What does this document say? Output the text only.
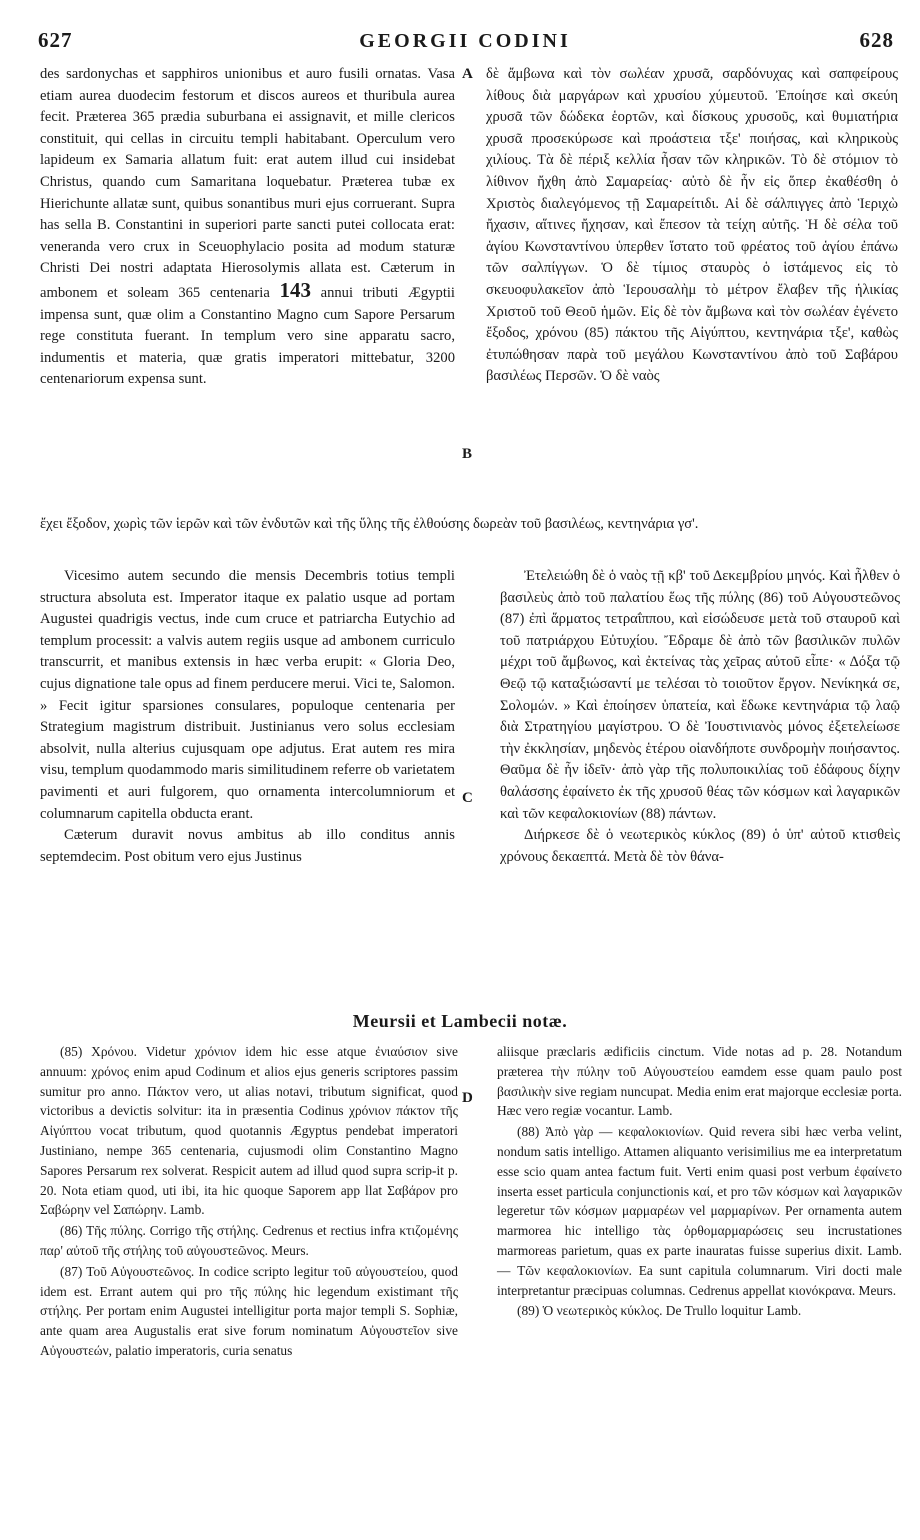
627	GEORGII CODINI	628

des sardonychas et sapphiros unionibus et auro fusili ornatas. Vasa etiam aurea duodecim festorum et discos aureos et thuribula aurea fecit. Præterea 365 prædia suburbana ei assignavit, et mille clericos constituit, qui cellas in circuitu templi habitabant. Operculum vero lapideum ex Samaria allatum fuit: erat autem illud cui insidebat Christus, quando cum Samaritana loquebatur. Præterea tubæ ex Hierichunte allatæ sunt, quibus sonantibus muri ejus corruerant. Supra has sella B. Constantini in superiori parte sancti putei collocata erat: veneranda vero crux in Sceuophylacio posita ad modum staturæ Christi Dei nostri adaptata Hierosolymis allata est. Cæterum in ambonem et soleam 365 centenaria 143 annui tributi Ægyptii impensa sunt, quæ olim a Constantino Magno cum Sapore Persarum rege constituta fuerant. In templum vero sine apparatu sacro, indumentis et materia, quæ gratis imperatori mittebatur, 3200 centenariorum expensa sunt.

A
B
C
D

δὲ ἄμβωνα καὶ τὸν σωλέαν χρυσᾶ, σαρδόνυχας καὶ σαπφείρους λίθους διὰ μαργάρων καὶ χρυσίου χύμευτοῦ. Ἐποίησε καὶ σκεύη χρυσᾶ τῶν δώδεκα ἑορτῶν, καὶ δίσκους χρυσοῦς, καὶ θυμιατήρια χρυσᾶ προσεκύρωσε καὶ προάστεια τξε' ποιήσας, καὶ κληρικοὺς χιλίους. Τὰ δὲ πέριξ κελλία ἦσαν τῶν κληρικῶν. Τὸ δὲ στόμιον τὸ λίθινον ἤχθη ἀπὸ Σαμαρείας· αὐτὸ δὲ ἦν εἰς ὅπερ ἐκαθέσθη ὁ Χριστὸς διαλεγόμενος τῇ Σαμαρείτιδι. Αἱ δὲ σάλπιγγες ἀπὸ Ἱεριχὼ ἤχασιν, αἵτινες ἤχησαν, καὶ ἔπεσον τὰ τείχη αὐτῆς. Ἡ δὲ σέλα τοῦ ἁγίου Κωνσταντίνου ὑπερθεν ἵστατο τοῦ φρέατος τοῦ ἁγίου ἐπάνω τῶν σαλπίγγων. Ὁ δὲ τίμιος σταυρὸς ὁ ἱστάμενος εἰς τὸ σκευοφυλακεῖον ἀπὸ Ἱερουσαλὴμ τὸ μέτρον ἔλαβεν τῆς ἡλικίας Χριστοῦ τοῦ Θεοῦ ἡμῶν. Εἰς δὲ τὸν ἄμβωνα καὶ τὸν σωλέαν ἐγένετο ἔξοδος, χρόνου (85) πάκτου τῆς Αἰγύπτου, κεντηνάρια τξε', καθὼς ἐτυπώθησαν παρὰ τοῦ μεγάλου Κωνσταντίνου ἀπὸ τοῦ Σαβάρου βασιλέως Περσῶν. Ὁ δὲ ναὸς

ἔχει ἔξοδον, χωρὶς τῶν ἱερῶν καὶ τῶν ἐνδυτῶν καὶ τῆς ὕλης τῆς ἐλθούσης δωρεὰν τοῦ βασιλέως, κεντηνάρια γσ'.

Vicesimo autem secundo die mensis Decembris totius templi structura absoluta est. Imperator itaque ex palatio usque ad portam Augustei quadrigis vectus, inde cum cruce et patriarcha Eutychio ad templum processit: a valvis autem regiis usque ad ambonem curriculo transcurrit, et manibus extensis in hæc verba erupit: « Gloria Deo, cujus dignatione tale opus ad finem perducere merui. Vici te, Salomon. » Fecit igitur sparsiones consulares, populoque centenaria per Strategium magistrum distribuit. Justinianus vero solus ecclesiam absolvit, nulla alterius cujusquam ope adjutus. Erat autem res mira visu, templum quodammodo maris similitudinem referre ob varietatem pavimenti et auri fulgorem, quo ornamenta intercolumniorum et columnarum capitella obducta erant.

Cæterum duravit novus ambitus ab illo conditus annis septemdecim. Post obitum vero ejus Justinus

Ἐτελειώθη δὲ ὁ ναὸς τῇ κβ' τοῦ Δεκεμβρίου μηνός. Καὶ ἦλθεν ὁ βασιλεὺς ἀπὸ τοῦ παλατίου ἕως τῆς πύλης (86) τοῦ Αὐγουστεῶνος (87) ἐπὶ ἅρματος τετραΐππου, καὶ εἰσώδευσε μετὰ τοῦ σταυροῦ καὶ τοῦ πατριάρχου Εὐτυχίου. Ἔδραμε δὲ ἀπὸ τῶν βασιλικῶν πυλῶν μέχρι τοῦ ἄμβωνος, καὶ ἐκτείνας τὰς χεῖρας αὐτοῦ εἶπε· « Δόξα τῷ Θεῷ τῷ καταξιώσαντί με τελέσαι τὸ τοιοῦτον ἔργον. Νενίκηκά σε, Σολομών. » Καὶ ἐποίησεν ὑπατεία, καὶ ἔδωκε κεντηνάρια τῷ λαῷ διὰ Στρατηγίου μαγίστρου. Ὁ δὲ Ἰουστινιανὸς μόνος ἐξετελείωσε τὴν ἐκκλησίαν, μηδενὸς ἑτέρου οἱανδήποτε συνδρομὴν ποιήσαντος. Θαῦμα δὲ ἦν ἰδεῖν· ἀπὸ γὰρ τῆς πολυποικιλίας τοῦ ἐδάφους δίχην θαλάσσης ἐφαίνετο ἐκ τῆς χρυσοῦ θέας τῶν κόσμων καὶ λαγαρικῶν καὶ τῶν κεφαλοκιονίων (88) πάντων.

Διήρκεσε δὲ ὁ νεωτερικὸς κύκλος (89) ὁ ὑπ' αὐτοῦ κτισθεὶς χρόνους δεκαεπτά. Μετὰ δὲ τὸν θάνα-

Meursii et Lambecii notæ.

(85) Χρόνου. Videtur χρόνιον idem hic esse atque ἐνιαύσιον sive annuum: χρόνος enim apud Codinum et alios ejus generis scriptores passim sumitur pro anno. Πάκτον vero, ut alias notavi, tributum significat, quod victoribus a devictis solvitur: ita in præsentia Codinus χρόνιον πάκτον τῆς Αἰγύπτου vocat tributum, quod quotannis Ægyptus pendebat imperatori Justiniano, nempe 365 centenaria, cujusmodi olim Constantino Magno Sapores Persarum rex solverat. Respicit autem ad illud quod supra scrip-it p. 20. Nota etiam quod, uti ibi, ita hic quoque Saporem app llat Σαβάρον pro Σαβώρην vel Σαπώρην. Lamb.

(86) Τῆς πύλης. Corrigo τῆς στήλης. Cedrenus et rectius infra κτιζομένης παρ' αὐτοῦ τῆς στήλης τοῦ αὐγουστεῶνος. Meurs.

(87) Τοῦ Αὐγουστεῶνος. In codice scripto legitur τοῦ αὐγουστείου, quod idem est. Errant autem qui pro τῆς πύλης hic legendum existimant τῆς στήλης. Per portam enim Augustei intelligitur porta major templi S. Sophiæ, ante quam area Augustalis erat sive forum nominatum Αὐγουστεῖον sive Αὐγουστεών, palatio imperatoris, curia senatus

aliisque præclaris ædificiis cinctum. Vide notas ad p. 28. Notandum præterea τὴν πύλην τοῦ Αὐγουστείου eamdem esse quam paulo post βασιλικὴν sive regiam nuncupat. Media enim erat majorque ecclesiæ porta. Hæc vero regiæ vocantur. Lamb.

(88) Ἀπὸ γὰρ — κεφαλοκιονίων. Quid revera sibi hæc verba velint, nondum satis intelligo. Attamen aliquanto verisimilius me ea interpretatum esse scio quam antea factum fuit. Verti enim quasi post verbum ἐφαίνετο inserta esset particula conjunctionis καί, et pro τῶν κόσμων καὶ λαγαρικῶν legeretur τῶν κόσμων μαρμαρέων vel μαρμαρίνων. Per ornamenta autem marmorea hic intelligo τὰς ὀρθομαρμαρώσεις seu incrustationes marmoreas parietum, quas ex parte inauratas fuisse superius dixit. Lamb. — Τῶν κεφαλοκιονίων. Ea sunt capitula columnarum. Viri docti male interpretantur præcipuas columnas. Cedrenus appellat κιονόκρανα. Meurs.

(89) Ὁ νεωτερικὸς κύκλος. De Trullo loquitur Lamb.
